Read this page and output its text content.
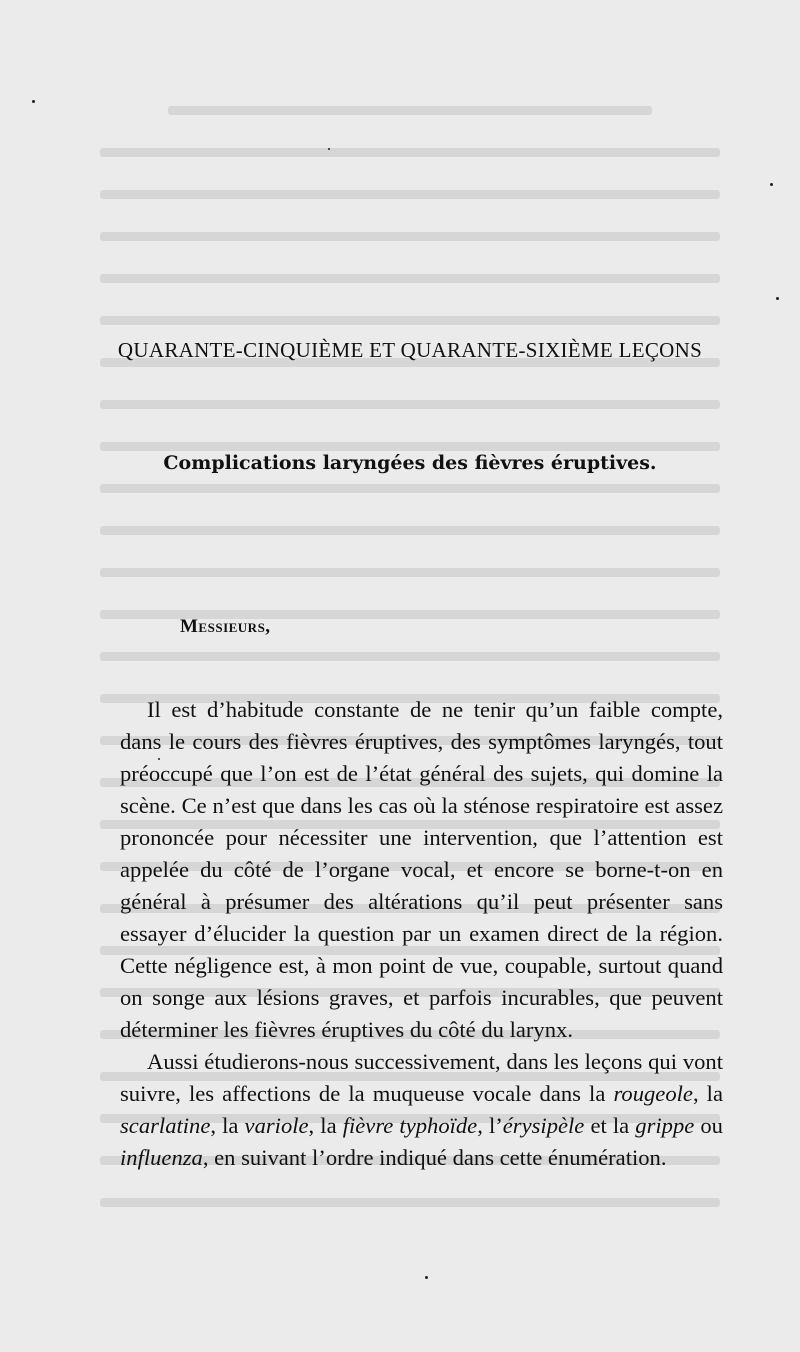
QUARANTE-CINQUIÈME ET QUARANTE-SIXIÈME LEÇONS
Complications laryngées des fièvres éruptives.

Messieurs,

Il est d’habitude constante de ne tenir qu’un faible compte, dans le cours des fièvres éruptives, des symptômes laryngés, tout préoccupé que l’on est de l’état général des sujets, qui domine la scène. Ce n’est que dans les cas où la sténose respiratoire est assez prononcée pour nécessiter une intervention, que l’attention est appelée du côté de l’organe vocal, et encore se borne-t-on en général à présumer des altérations qu’il peut présenter sans essayer d’élucider la question par un examen direct de la région. Cette négligence est, à mon point de vue, coupable, surtout quand on songe aux lésions graves, et parfois incurables, que peuvent déterminer les fièvres éruptives du côté du larynx.

Aussi étudierons-nous successivement, dans les leçons qui vont suivre, les affections de la muqueuse vocale dans la rougeole, la scarlatine, la variole, la fièvre typhoïde, l’érysipèle et la grippe ou influenza, en suivant l’ordre indiqué dans cette énumération.
